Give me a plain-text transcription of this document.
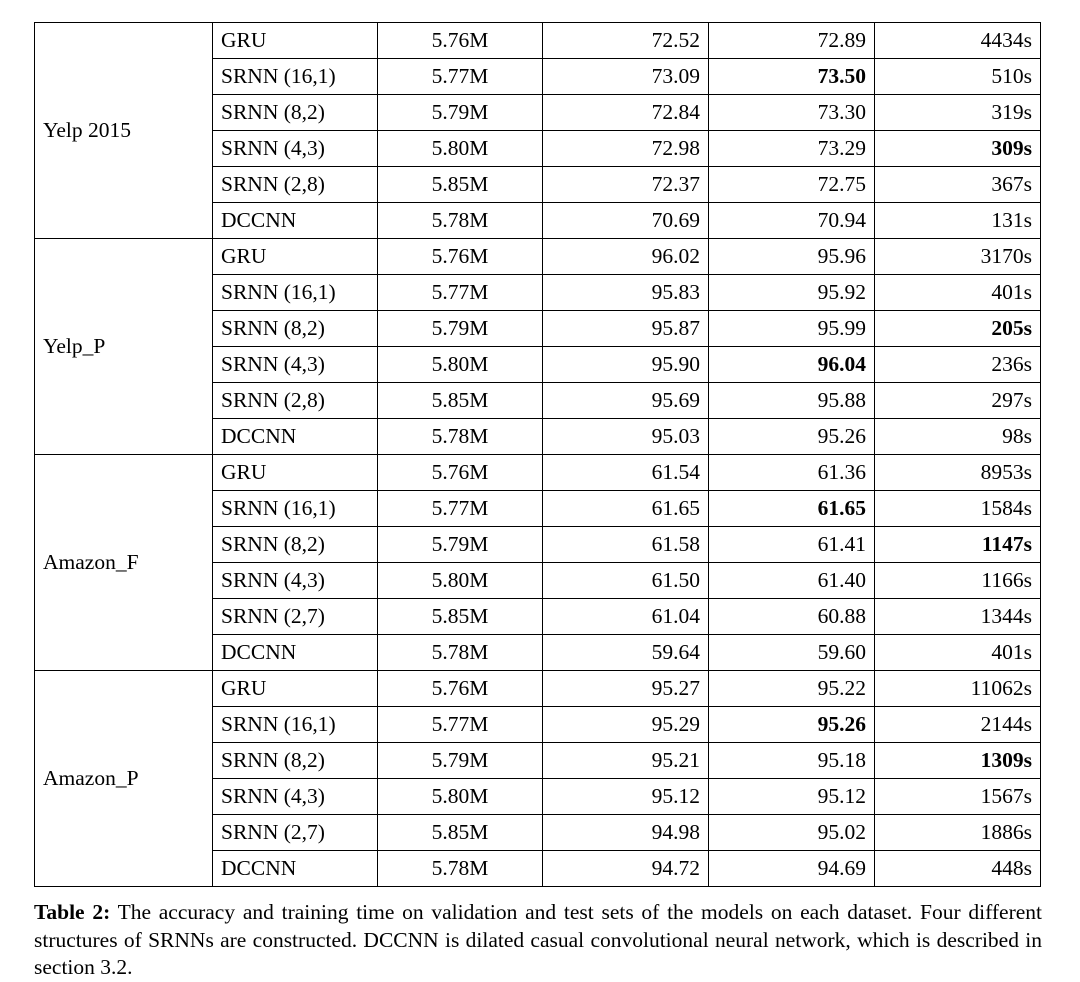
Yelp 2015	GRU	5.76M	72.52	72.89	4434s
	SRNN (16,1)	5.77M	73.09	73.50	510s
	SRNN (8,2)	5.79M	72.84	73.30	319s
	SRNN (4,3)	5.80M	72.98	73.29	309s
	SRNN (2,8)	5.85M	72.37	72.75	367s
	DCCNN	5.78M	70.69	70.94	131s
Yelp_P	GRU	5.76M	96.02	95.96	3170s
	SRNN (16,1)	5.77M	95.83	95.92	401s
	SRNN (8,2)	5.79M	95.87	95.99	205s
	SRNN (4,3)	5.80M	95.90	96.04	236s
	SRNN (2,8)	5.85M	95.69	95.88	297s
	DCCNN	5.78M	95.03	95.26	98s
Amazon_F	GRU	5.76M	61.54	61.36	8953s
	SRNN (16,1)	5.77M	61.65	61.65	1584s
	SRNN (8,2)	5.79M	61.58	61.41	1147s
	SRNN (4,3)	5.80M	61.50	61.40	1166s
	SRNN (2,7)	5.85M	61.04	60.88	1344s
	DCCNN	5.78M	59.64	59.60	401s
Amazon_P	GRU	5.76M	95.27	95.22	11062s
	SRNN (16,1)	5.77M	95.29	95.26	2144s
	SRNN (8,2)	5.79M	95.21	95.18	1309s
	SRNN (4,3)	5.80M	95.12	95.12	1567s
	SRNN (2,7)	5.85M	94.98	95.02	1886s
	DCCNN	5.78M	94.72	94.69	448s
Table 2: The accuracy and training time on validation and test sets of the models on each dataset. Four different structures of SRNNs are constructed. DCCNN is dilated casual convolutional neural network, which is described in section 3.2.
